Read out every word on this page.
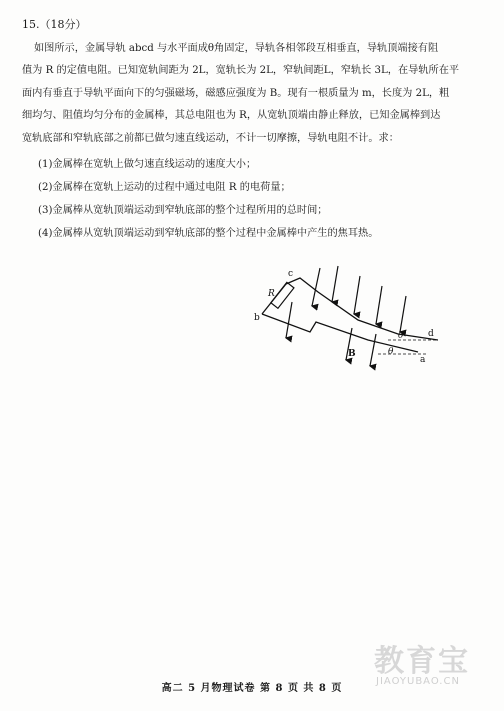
15.（18分）
如图所示，金属导轨 abcd 与水平面成θ角固定，导轨各相邻段互相垂直，导轨顶端接有阻
值为 R 的定值电阻。已知宽轨间距为 2L，宽轨长为 2L，窄轨间距L，窄轨长 3L，在导轨所在平
面内有垂直于导轨平面向下的匀强磁场，磁感应强度为 B。现有一根质量为 m，长度为 2L，粗
细均匀、阻值均匀分布的金属棒，其总电阻也为 R，从宽轨顶端由静止释放，已知金属棒到达
宽轨底部和窄轨底部之前都已做匀速直线运动，不计一切摩擦，导轨电阻不计。求：
(1)金属棒在宽轨上做匀速直线运动的速度大小；
(2)金属棒在宽轨上运动的过程中通过电阻 R 的电荷量；
(3)金属棒从宽轨顶端运动到窄轨底部的整个过程所用的总时间；
(4)金属棒从宽轨顶端运动到窄轨底部的整个过程中金属棒中产生的焦耳热。
c
R
b
θ	d
B	θ
a
高二 5 月物理试卷 第 8 页 共 8 页
教育宝
JIAOYUBAO.CN
